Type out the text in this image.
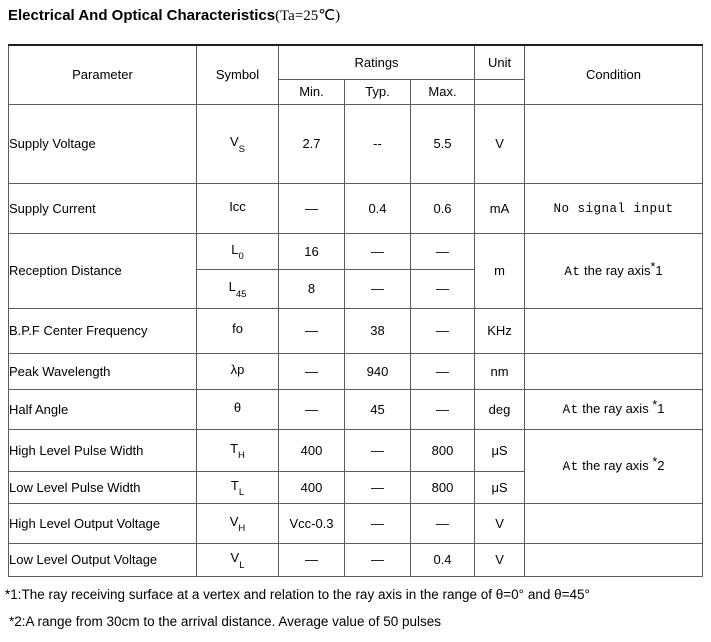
Electrical And Optical Characteristics(Ta=25℃)
Parameter	Symbol	Ratings			Unit	Condition
		Min.	Typ.	Max.		
Supply Voltage	$V_S$	2.7	--	5.5	V	
Supply Current	Icc	—	0.4	0.6	mA	No signal input
Reception Distance	$L_0$	16	—	—	m	At the ray axis*1
	$L_{45}$	8	—	—		
B.P.F Center Frequency	fo	—	38	—	KHz	
Peak Wavelength	λp	—	940	—	nm	
Half Angle	θ	—	45	—	deg	At the ray axis *1
High Level Pulse Width	$T_H$	400	—	800	μS	At the ray axis *2
Low Level Pulse Width	$T_L$	400	—	800	μS	
High Level Output Voltage	$V_H$	Vcc-0.3	—	—	V	
Low Level Output Voltage	$V_L$	—	—	0.4	V	
*1:The ray receiving surface at a vertex and relation to the ray axis in the range of θ=0° and θ=45°
*2:A range from 30cm to the arrival distance. Average value of 50 pulses
